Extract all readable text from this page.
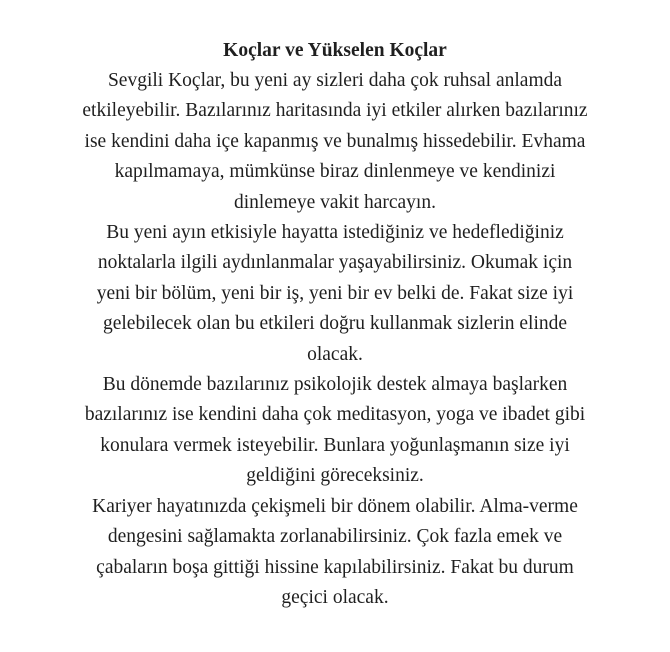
Koçlar ve Yükselen Koçlar

Sevgili Koçlar, bu yeni ay sizleri daha çok ruhsal anlamda
etkileyebilir. Bazılarınız haritasında iyi etkiler alırken bazılarınız
ise kendini daha içe kapanmış ve bunalmış hissedebilir. Evhama
kapılmamaya, mümkünse biraz dinlenmeye ve kendinizi
dinlemeye vakit harcayın.

Bu yeni ayın etkisiyle hayatta istediğiniz ve hedeflediğiniz
noktalarla ilgili aydınlanmalar yaşayabilirsiniz. Okumak için
yeni bir bölüm, yeni bir iş, yeni bir ev belki de. Fakat size iyi
gelebilecek olan bu etkileri doğru kullanmak sizlerin elinde
olacak.

Bu dönemde bazılarınız psikolojik destek almaya başlarken
bazılarınız ise kendini daha çok meditasyon, yoga ve ibadet gibi
konulara vermek isteyebilir. Bunlara yoğunlaşmanın size iyi
geldiğini göreceksiniz.

Kariyer hayatınızda çekişmeli bir dönem olabilir. Alma-verme
dengesini sağlamakta zorlanabilirsiniz. Çok fazla emek ve
çabaların boşa gittiği hissine kapılabilirsiniz. Fakat bu durum
geçici olacak.
